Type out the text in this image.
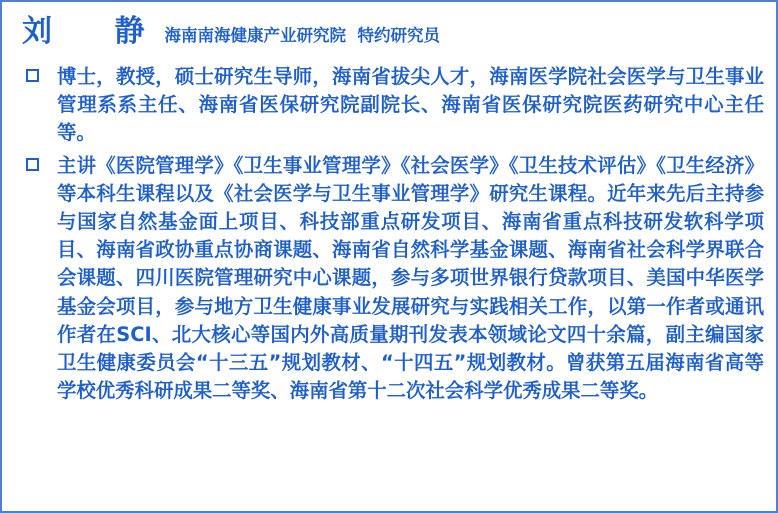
刘 静
海南南海健康产业研究院  特约研究员
博士，教授，硕士研究生导师，海南省拔尖人才，海南医学院社会医学与卫生事业管理系系主任、海南省医保研究院副院长、海南省医保研究院医药研究中心主任等。
主讲《医院管理学》《卫生事业管理学》《社会医学》《卫生技术评估》《卫生经济》等本科生课程以及《社会医学与卫生事业管理学》研究生课程。近年来先后主持参与国家自然基金面上项目、科技部重点研发项目、海南省重点科技研发软科学项目、海南省政协重点协商课题、海南省自然科学基金课题、海南省社会科学界联合会课题、四川医院管理研究中心课题，参与多项世界银行贷款项目、美国中华医学基金会项目，参与地方卫生健康事业发展研究与实践相关工作，以第一作者或通讯作者在SCI、北大核心等国内外高质量期刊发表本领域论文四十余篇，副主编国家卫生健康委员会“十三五”规划教材、“十四五”规划教材。曾获第五届海南省高等学校优秀科研成果二等奖、海南省第十二次社会科学优秀成果二等奖。
